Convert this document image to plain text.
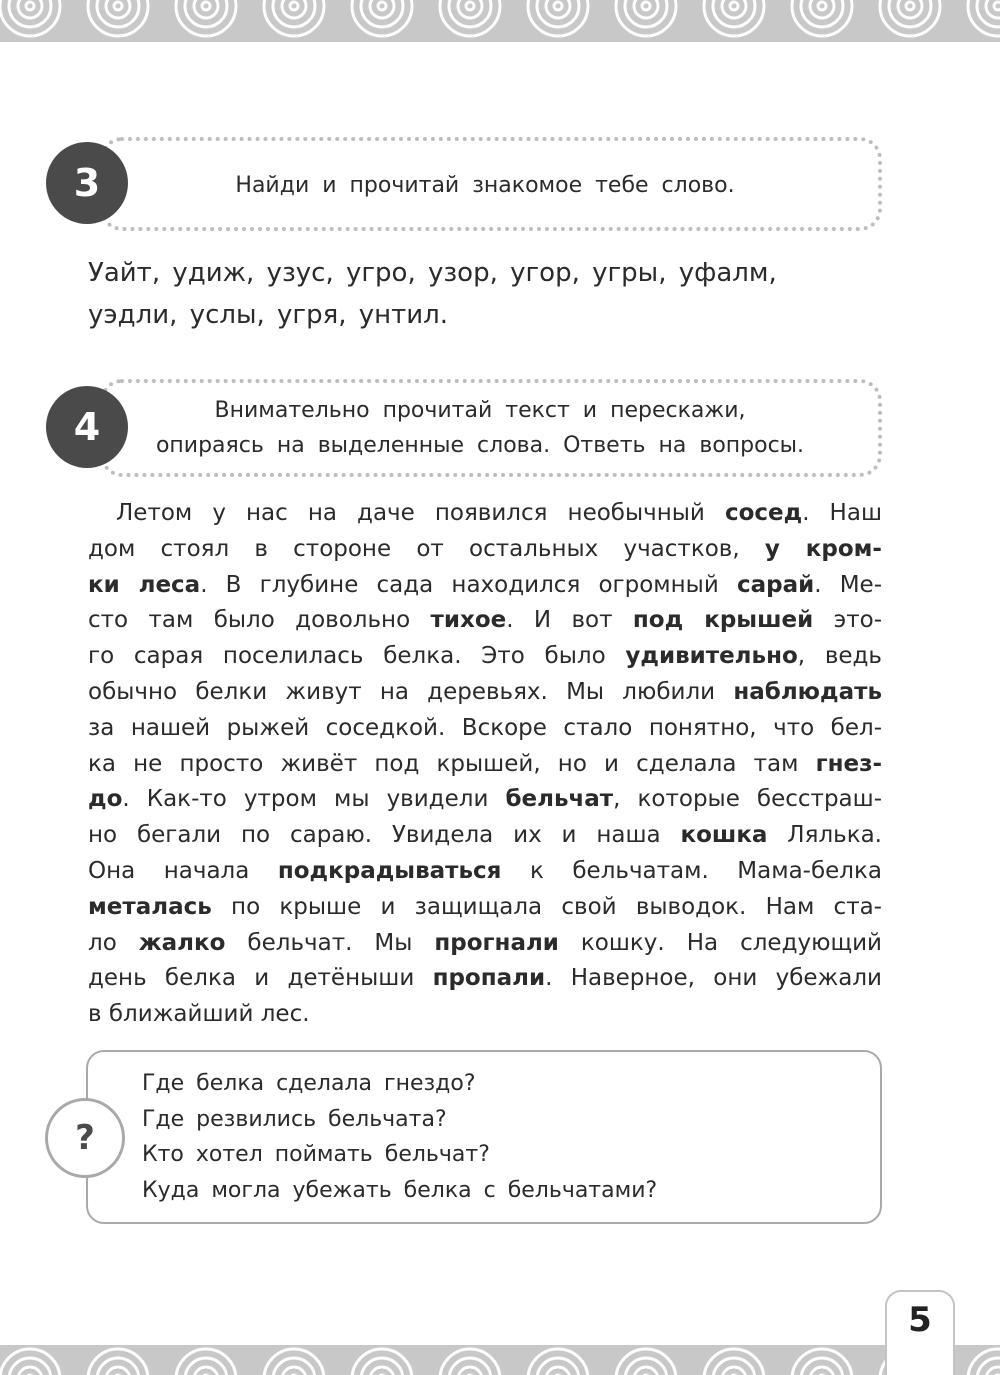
3	Найди и прочитай знакомое тебе слово.
Уайт, удиж, узус, угро, узор, угор, угры, уфалм,
уэдли, услы, угря, унтил.
4	Внимательно прочитай текст и перескажи,
опираясь на выделенные слова. Ответь на вопросы.
Летом у нас на даче появился необычный сосед. Наш
дом стоял в стороне от остальных участков, у кром-
ки леса. В глубине сада находился огромный сарай. Ме-
сто там было довольно тихое. И вот под крышей это-
го сарая поселилась белка. Это было удивительно, ведь
обычно белки живут на деревьях. Мы любили наблюдать
за нашей рыжей соседкой. Вскоре стало понятно, что бел-
ка не просто живёт под крышей, но и сделала там гнез-
до. Как-то утром мы увидели бельчат, которые бесстраш-
но бегали по сараю. Увидела их и наша кошка Лялька.
Она начала подкрадываться к бельчатам. Мама-белка
металась по крыше и защищала свой выводок. Нам ста-
ло жалко бельчат. Мы прогнали кошку. На следующий
день белка и детёныши пропали. Наверное, они убежали
в ближайший лес.
?
Где белка сделала гнездо?
Где резвились бельчата?
Кто хотел поймать бельчат?
Куда могла убежать белка с бельчатами?
5
